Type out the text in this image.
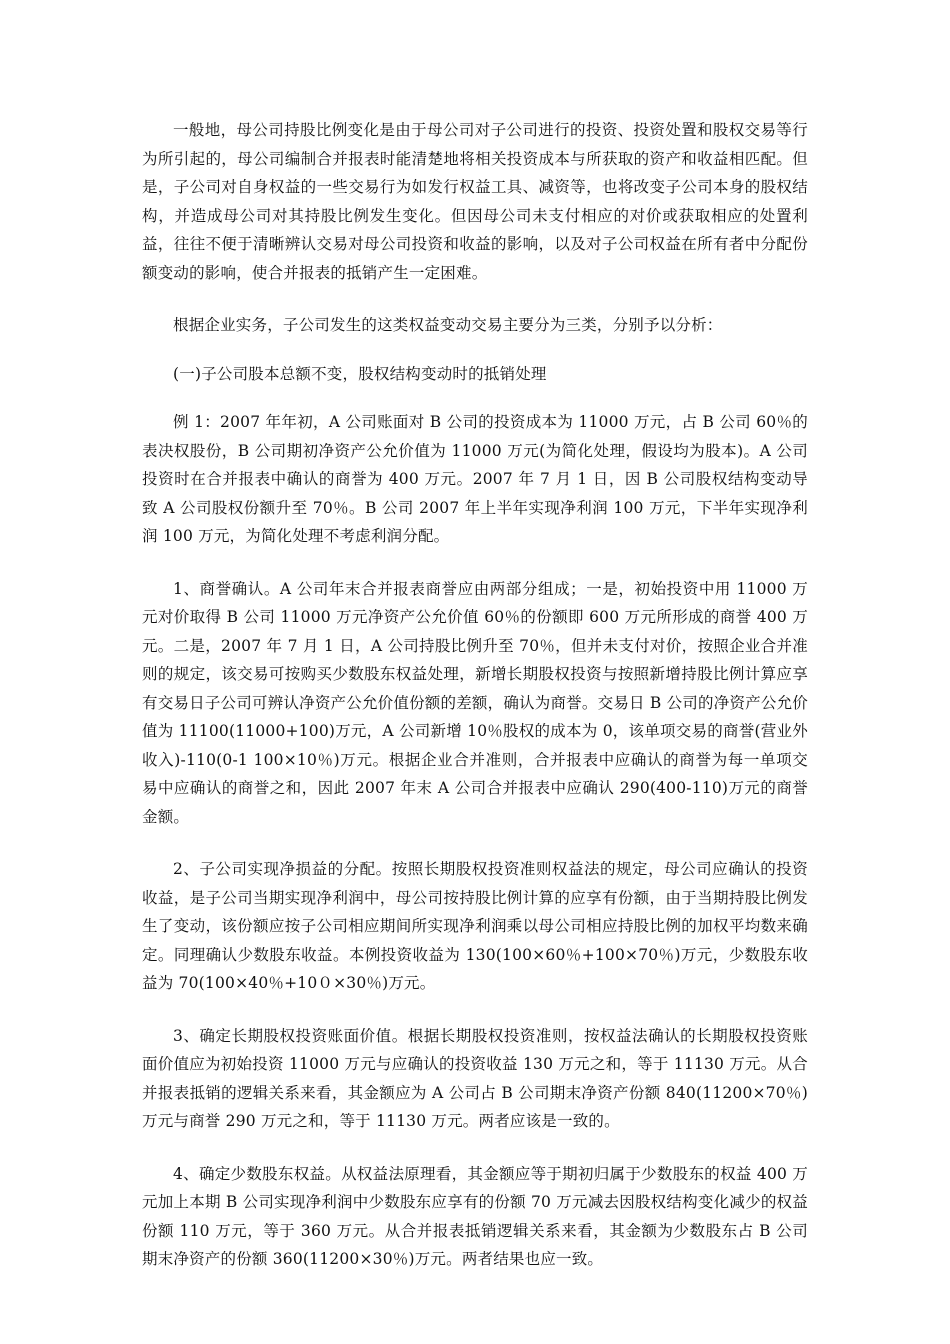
一般地，母公司持股比例变化是由于母公司对子公司进行的投资、投资处置和股权交易等行为所引起的，母公司编制合并报表时能清楚地将相关投资成本与所获取的资产和收益相匹配。但是，子公司对自身权益的一些交易行为如发行权益工具、减资等，也将改变子公司本身的股权结构，并造成母公司对其持股比例发生变化。但因母公司未支付相应的对价或获取相应的处置利益，往往不便于清晰辨认交易对母公司投资和收益的影响，以及对子公司权益在所有者中分配份额变动的影响，使合并报表的抵销产生一定困难。

根据企业实务，子公司发生的这类权益变动交易主要分为三类，分别予以分析：

(一)子公司股本总额不变，股权结构变动时的抵销处理

例 1：2007 年年初，A 公司账面对 B 公司的投资成本为 11000 万元，占 B 公司 60％的表决权股份，B 公司期初净资产公允价值为 11000 万元(为简化处理，假设均为股本)。A 公司投资时在合并报表中确认的商誉为 400 万元。2007 年 7 月 1 日，因 B 公司股权结构变动导致 A 公司股权份额升至 70％。B 公司 2007 年上半年实现净利润 100 万元，下半年实现净利润 100 万元，为简化处理不考虑利润分配。

1、商誉确认。A 公司年末合并报表商誉应由两部分组成；一是，初始投资中用 11000 万元对价取得 B 公司 11000 万元净资产公允价值 60％的份额即 600 万元所形成的商誉 400 万元。二是，2007 年 7 月 1 日，A 公司持股比例升至 70％，但并未支付对价，按照企业合并准则的规定，该交易可按购买少数股东权益处理，新增长期股权投资与按照新增持股比例计算应享有交易日子公司可辨认净资产公允价值份额的差额，确认为商誉。交易日 B 公司的净资产公允价值为 11100(11000+100)万元，A 公司新增 10％股权的成本为 0，该单项交易的商誉(营业外收入)-110(0-1 100×10％)万元。根据企业合并准则，合并报表中应确认的商誉为每一单项交易中应确认的商誉之和，因此 2007 年末 A 公司合并报表中应确认 290(400-110)万元的商誉金额。

2、子公司实现净损益的分配。按照长期股权投资准则权益法的规定，母公司应确认的投资收益，是子公司当期实现净利润中，母公司按持股比例计算的应享有份额，由于当期持股比例发生了变动，该份额应按子公司相应期间所实现净利润乘以母公司相应持股比例的加权平均数来确定。同理确认少数股东收益。本例投资收益为 130(100×60％+100×70％)万元，少数股东收益为 70(100×40％+10０×30％)万元。

3、确定长期股权投资账面价值。根据长期股权投资准则，按权益法确认的长期股权投资账面价值应为初始投资 11000 万元与应确认的投资收益 130 万元之和，等于 11130 万元。从合并报表抵销的逻辑关系来看，其金额应为 A 公司占 B 公司期末净资产份额 840(11200×70％)万元与商誉 290 万元之和，等于 11130 万元。两者应该是一致的。

4、确定少数股东权益。从权益法原理看，其金额应等于期初归属于少数股东的权益 400 万元加上本期 B 公司实现净利润中少数股东应享有的份额 70 万元减去因股权结构变化减少的权益份额 110 万元，等于 360 万元。从合并报表抵销逻辑关系来看，其金额为少数股东占 B 公司期末净资产的份额 360(11200×30％)万元。两者结果也应一致。
